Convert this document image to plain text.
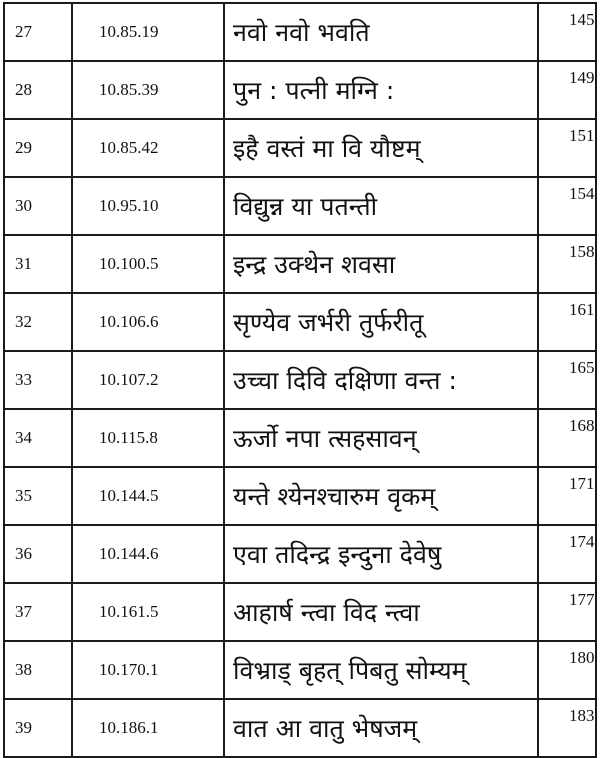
27	10.85.19	नवो नवो भवति	145
28	10.85.39	पुन : पत्नी मग्नि :	149
29	10.85.42	इहै वस्तं मा वि यौष्टम्	151
30	10.95.10	विद्युन्न या पतन्ती	154
31	10.100.5	इन्द्र उक्थेन शवसा	158
32	10.106.6	सृण्येव जर्भरी तुर्फरीतू	161
33	10.107.2	उच्चा दिवि दक्षिणा वन्त :	165
34	10.115.8	ऊर्जो नपा त्सहसावन्	168
35	10.144.5	यन्ते श्येनश्चारुम वृकम्	171
36	10.144.6	एवा तदिन्द्र इन्दुना देवेषु	174
37	10.161.5	आहार्ष न्त्वा विद न्त्वा	177
38	10.170.1	विभ्राड् बृहत् पिबतु सोम्यम्	180
39	10.186.1	वात आ वातु भेषजम्	183
